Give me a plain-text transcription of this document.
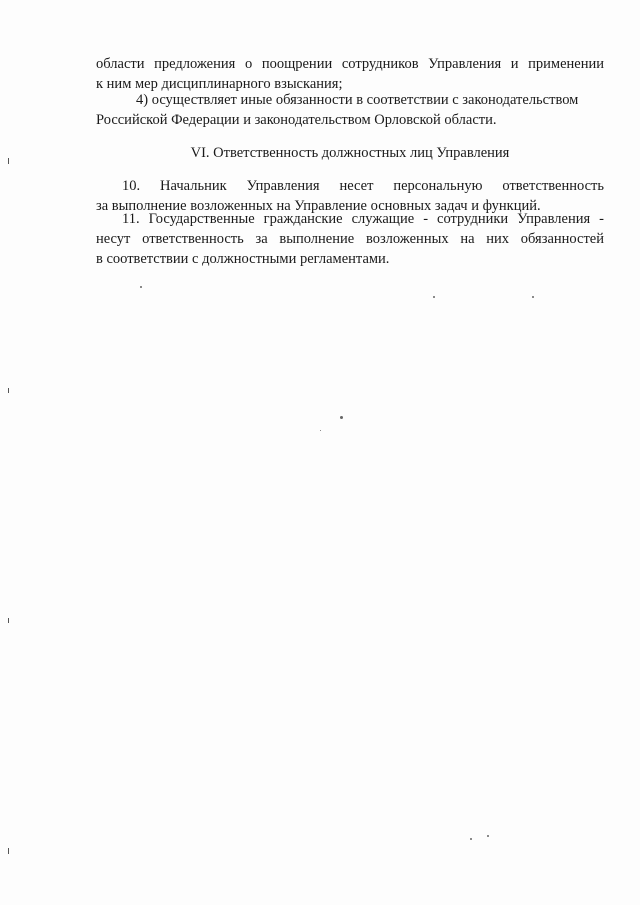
области предложения о поощрении сотрудников Управления и применении
к ним мер дисциплинарного взыскания;
4) осуществляет иные обязанности в соответствии с законодательством
Российской Федерации и законодательством Орловской области.
VI. Ответственность должностных лиц Управления
10. Начальник Управления несет персональную ответственность
за выполнение возложенных на Управление основных задач и функций.
11. Государственные гражданские служащие - сотрудники Управления -
несут ответственность за выполнение возложенных на них обязанностей
в соответствии с должностными регламентами.
